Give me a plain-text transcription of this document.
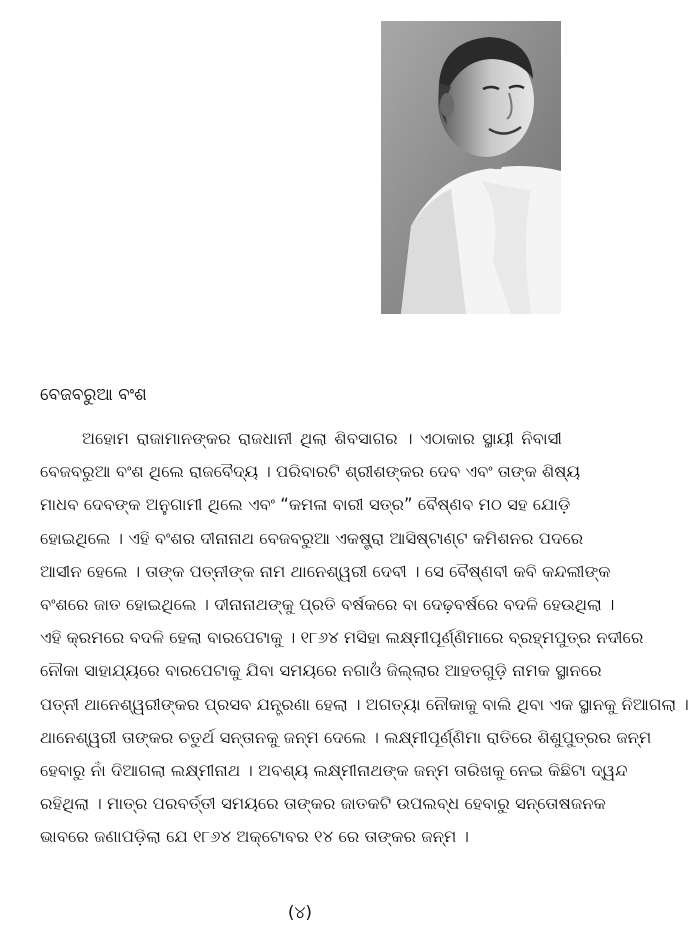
ବେଜବରୁଆ ବଂଶ
ଅହୋମ ରାଜାମାନଙ୍କର ରାଜଧାନୀ ଥିଲା ଶିବସାଗର । ଏଠାକାର ସ୍ଥାୟୀ ନିବାସୀ
ବେଜବରୁଆ ବଂଶ ଥିଲେ ରାଜବୈଦ୍ୟ । ପରିବାରଟି ଶ୍ରୀଶଙ୍କର ଦେବ ଏବଂ ତାଙ୍କ ଶିଷ୍ୟ
ମାଧବ ଦେବଙ୍କ ଅନୁଗାମୀ ଥିଲେ ଏବଂ “କମଳା ବାରୀ ସତ୍ର” ବୈଷ୍ଣବ ମଠ ସହ ଯୋଡ଼ି
ହୋଇଥିଲେ । ଏହି ବଂଶର ଦୀନାନାଥ ବେଜବରୁଆ ଏକଷ୍ଟ୍ରା ଆସିଷ୍ଟାଣ୍ଟ କମିଶନର ପଦରେ
ଆସୀନ ହେଲେ । ତାଙ୍କ ପତ୍ନୀଙ୍କ ନାମ ଥାନେଶ୍ୱରୀ ଦେବୀ । ସେ ବୈଷ୍ଣବୀ କବି କନ୍ଦଲୀଙ୍କ
ବଂଶରେ ଜାତ ହୋଇଥିଲେ । ଦୀନାନାଥଙ୍କୁ ପ୍ରତି ବର୍ଷକରେ ବା ଦେଢ଼ବର୍ଷରେ ବଦଳି ହେଉଥିଲା ।
ଏହି କ୍ରମରେ ବଦଳି ହେଲା ବାରପେଟାକୁ । ୧୮୬୪ ମସିହା ଲକ୍ଷ୍ମୀପୂର୍ଣ୍ଣିମାରେ ବ୍ରହ୍ମପୁତ୍ର ନଦୀରେ
ନୌକା ସାହାଯ୍ୟରେ ବାରପେଟାକୁ ଯିବା ସମୟରେ ନଗାଓଁ ଜିଲ୍ଲାର ଆହତଗୁଡ଼ି ନାମକ ସ୍ଥାନରେ
ପତ୍ନୀ ଥାନେଶ୍ୱରୀଙ୍କର ପ୍ରସବ ଯନ୍ତ୍ରଣା ହେଲା । ଅଗତ୍ୟା ନୌକାକୁ ବାଲି ଥିବା ଏକ ସ୍ଥାନକୁ ନିଆଗଲା ।
ଥାନେଶ୍ୱରୀ ତାଙ୍କର ଚତୁର୍ଥ ସନ୍ତାନକୁ ଜନ୍ମ ଦେଲେ । ଲକ୍ଷ୍ମୀପୂର୍ଣ୍ଣିମା ରାତିରେ ଶିଶୁପୁତ୍ରର ଜନ୍ମ
ହେବାରୁ ନାଁ ଦିଆଗଲା ଲକ୍ଷ୍ମୀନାଥ । ଅବଶ୍ୟ ଲକ୍ଷ୍ମୀନାଥଙ୍କ ଜନ୍ମ ତାରିଖକୁ ନେଇ କିଛିଟା ଦ୍ୱନ୍ଦ
ରହିଥିଲା । ମାତ୍ର ପରବର୍ତ୍ତୀ ସମୟରେ ତାଙ୍କର ଜାତକଟି ଉପଲବ୍ଧ ହେବାରୁ ସନ୍ତୋଷଜନକ
ଭାବରେ ଜଣାପଡ଼ିଲା ଯେ ୧୮୬୪ ଅକ୍ଟୋବର ୧୪ ରେ ତାଙ୍କର ଜନ୍ମ ।
(୪)
